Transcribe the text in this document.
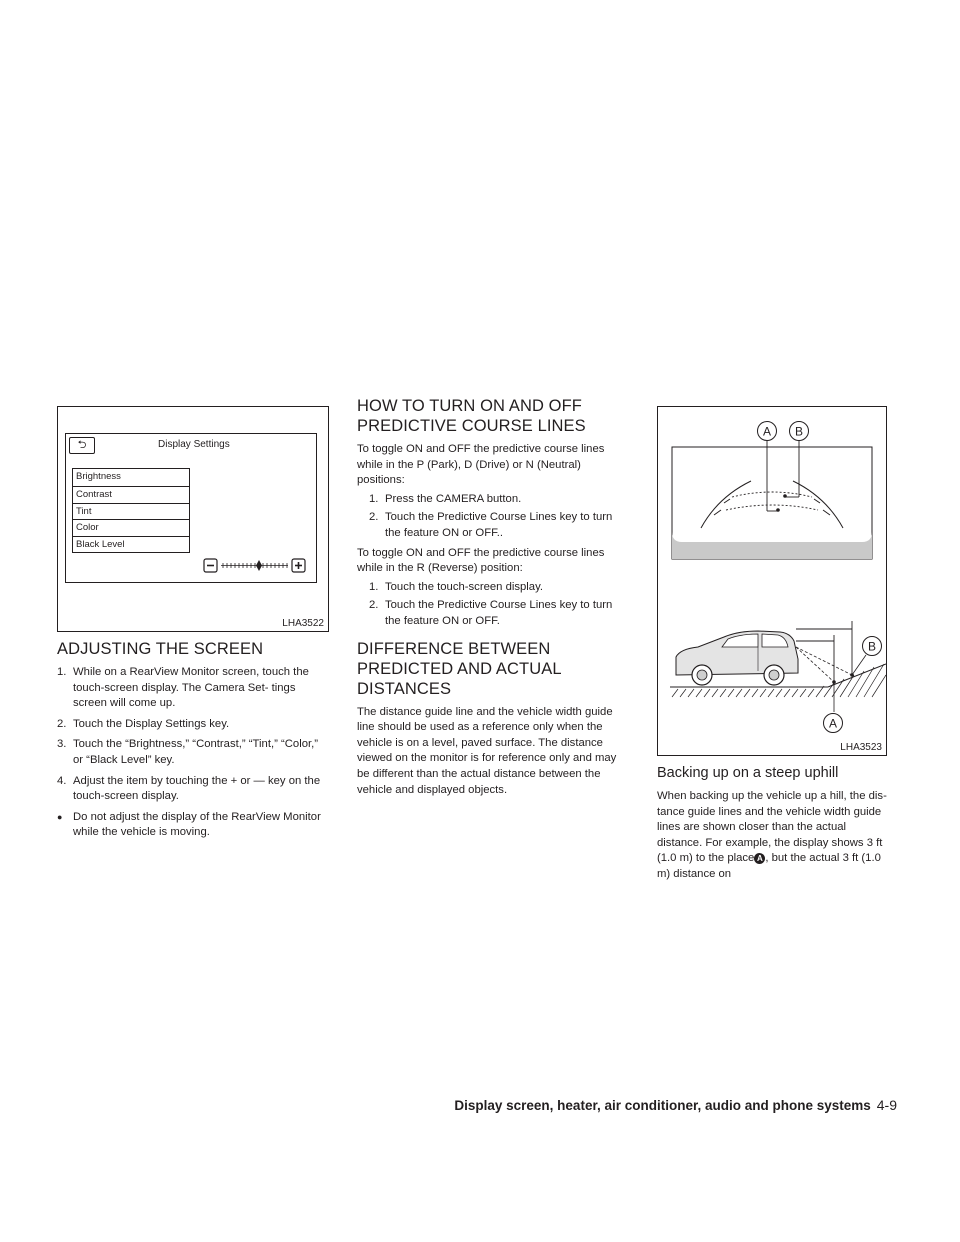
⮌	Display Settings
Brightness
Contrast
Tint
Color
Black Level
LHA3522
ADJUSTING THE SCREEN
1. While on a RearView Monitor screen, touch the touch-screen display. The Camera Set- tings screen will come up.
2. Touch the Display Settings key.
3. Touch the “Brightness,” “Contrast,” “Tint,” “Color,” or “Black Level” key.
4. Adjust the item by touching the + or — key on the touch-screen display.
● Do not adjust the display of the RearView Monitor while the vehicle is moving.
HOW TO TURN ON AND OFF PREDICTIVE COURSE LINES

To toggle ON and OFF the predictive course lines while in the P (Park), D (Drive) or N (Neutral) positions:

1. Press the CAMERA button.
2. Touch the Predictive Course Lines key to turn the feature ON or OFF..

To toggle ON and OFF the predictive course lines while in the R (Reverse) position:

1. Touch the touch-screen display.
2. Touch the Predictive Course Lines key to turn the feature ON or OFF.
DIFFERENCE BETWEEN PREDICTED AND ACTUAL DISTANCES

The distance guide line and the vehicle width guide line should be used as a reference only when the vehicle is on a level, paved surface. The distance viewed on the monitor is for reference only and may be different than the actual distance between the vehicle and displayed objects.

A B
B
A
LHA3523
Backing up on a steep uphill

When backing up the vehicle up a hill, the dis- tance guide lines and the vehicle width guide lines are shown closer than the actual distance. For example, the display shows 3 ft (1.0 m) to the place A , but the actual 3 ft (1.0 m) distance on

Display screen, heater, air conditioner, audio and phone systems 4-9
